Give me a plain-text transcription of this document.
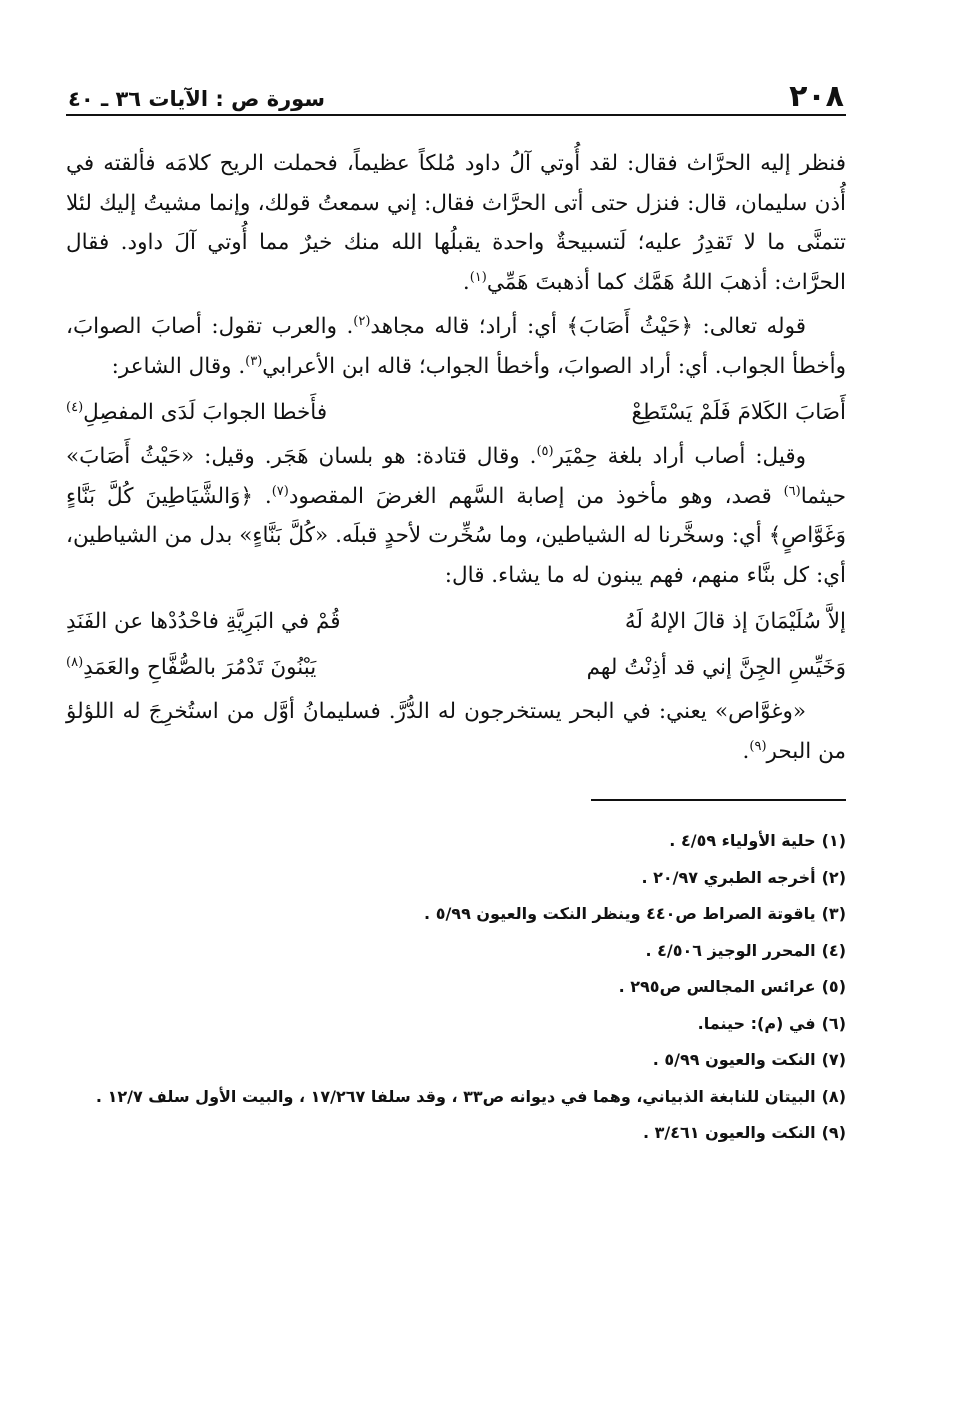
٢٠٨
سورة ص : الآيات ٣٦ ـ ٤٠

فنظر إليه الحرَّاث فقال: لقد أُوتي آلُ داود مُلكاً عظيماً، فحملت الريح كلامَه فألقته في أُذن سليمان، قال: فنزل حتى أتى الحرَّاث فقال: إني سمعتُ قولك، وإنما مشيتُ إليك لئلا تتمنَّى ما لا تَقدِرُ عليه؛ لَتسبيحةٌ واحدة يقبلُها الله منك خيرٌ مما أُوتي آلَ داود. فقال الحرَّاث: أذهبَ اللهُ هَمَّك كما أذهبتَ هَمِّي$^{(١)}$.

قوله تعالى: ﴿حَيْثُ أَصَابَ﴾ أي: أراد؛ قاله مجاهد$^{(٢)}$. والعرب تقول: أصابَ الصوابَ، وأخطأ الجواب. أي: أراد الصوابَ، وأخطأ الجواب؛ قاله ابن الأعرابي$^{(٣)}$. وقال الشاعر:

أَصَابَ الكَلامَ فَلَمْ يَسْتَطِعْ
فأَخطا الجوابَ لَدَى المفصِلِ$^{(٤)}$

وقيل: أصاب أراد بلغة حِمْيَر$^{(٥)}$. وقال قتادة: هو بلسان هَجَر. وقيل: «حَيْثُ أَصَابَ» حيثما$^{(٦)}$ قصد، وهو مأخوذ من إصابة السَّهم الغرضَ المقصود$^{(٧)}$. ﴿وَالشَّيَاطِينَ كُلَّ بَنَّاءٍ وَغَوَّاصٍ﴾ أي: وسخَّرنا له الشياطين، وما سُخِّرت لأحدٍ قبلَه. «كُلَّ بَنَّاءٍ» بدل من الشياطين، أي: كل بنَّاء منهم، فهم يبنون له ما يشاء. قال:

إلاَّ سُلَيْمَانَ إذ قالَ الإلهُ لَهُ
قُمْ في البَرِيَّةِ فاحْدُدْها عن الفَنَدِ
وَخَيِّسِ الجِنَّ إني قد أذِنْتُ لهم
يَبْنُونَ تَدْمُرَ بالصُّفَّاحِ والعَمَدِ$^{(٨)}$

«وغوَّاص» يعني: في البحر يستخرجون له الدُّرَّ. فسليمانُ أوَّل من استُخرِجَ له اللؤلؤ من البحر$^{(٩)}$.

(١)حلية الأولياء ٤/٥٩ .
(٢)أخرجه الطبري ٢٠/٩٧ .
(٣)ياقوتة الصراط ص٤٤٠ وينظر النكت والعيون ٥/٩٩ .
(٤)المحرر الوجيز ٤/٥٠٦ .
(٥)عرائس المجالس ص٢٩٥ .
(٦)في (م): حينما.
(٧)النكت والعيون ٥/٩٩ .
(٨)البيتان للنابغة الذبياني، وهما في ديوانه ص٣٣ ، وقد سلفا ١٧/٢٦٧ ، والبيت الأول سلف ١٢/٧ .
(٩)النكت والعيون ٣/٤٦١ .
